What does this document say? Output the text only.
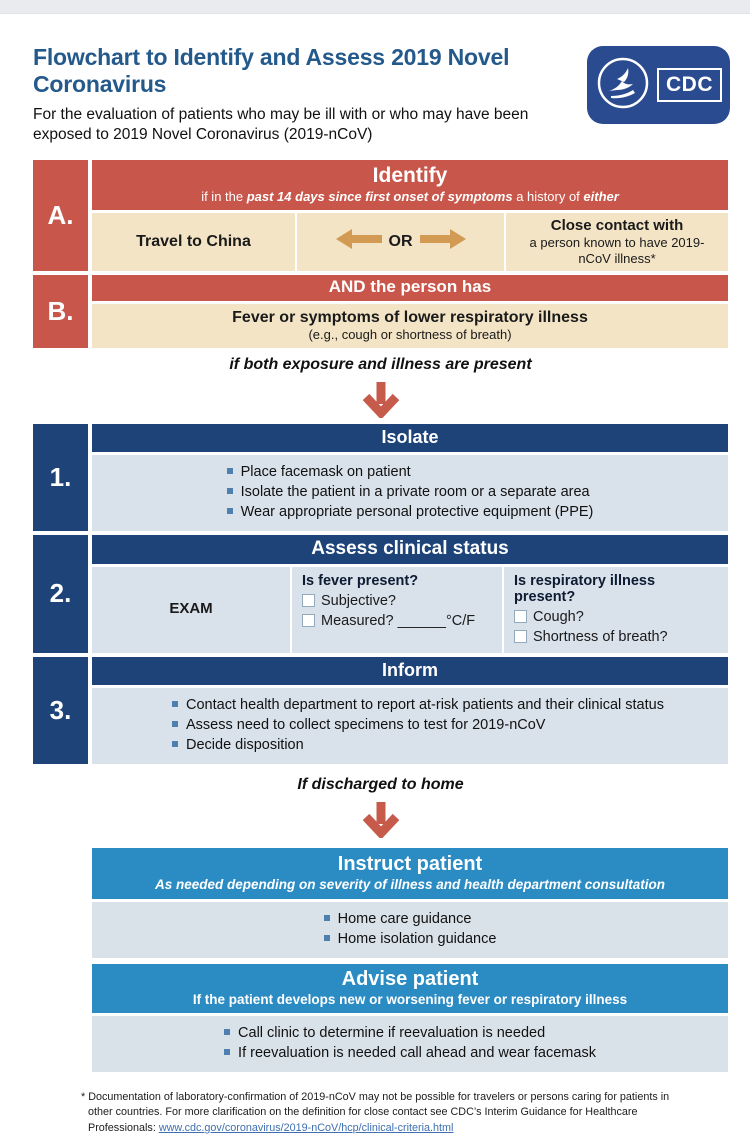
Flowchart to Identify and Assess 2019 Novel Coronavirus
For the evaluation of patients who may be ill with or who may have been exposed to 2019 Novel Coronavirus (2019-nCoV)
CDC
A.
Identify
if in the past 14 days since first onset of symptoms a history of either
Travel to China	OR
Close contact with
a person known to have 2019-nCoV illness*
B.
AND the person has
Fever or symptoms of lower respiratory illness
(e.g., cough or shortness of breath)
if both exposure and illness are present
1.
Isolate
Place facemask on patient
Isolate the patient in a private room or a separate area
Wear appropriate personal protective equipment (PPE)
2.
Assess clinical status
EXAM
Is fever present?
Subjective?
Measured? ______°C/F
Is respiratory illness present?
Cough?
Shortness of breath?
3.
Inform
Contact health department to report at-risk patients and their clinical status
Assess need to collect specimens to test for 2019-nCoV
Decide disposition
If discharged to home
Instruct patient
As needed depending on severity of illness and health department consultation
Home care guidance
Home isolation guidance
Advise patient
If the patient develops new or worsening fever or respiratory illness
Call clinic to determine if reevaluation is needed
If reevaluation is needed call ahead and wear facemask
* Documentation of laboratory-confirmation of 2019-nCoV may not be possible for travelers or persons caring for patients in other countries. For more clarification on the definition for close contact see CDC’s Interim Guidance for Healthcare Professionals: www.cdc.gov/coronavirus/2019-nCoV/hcp/clinical-criteria.html
